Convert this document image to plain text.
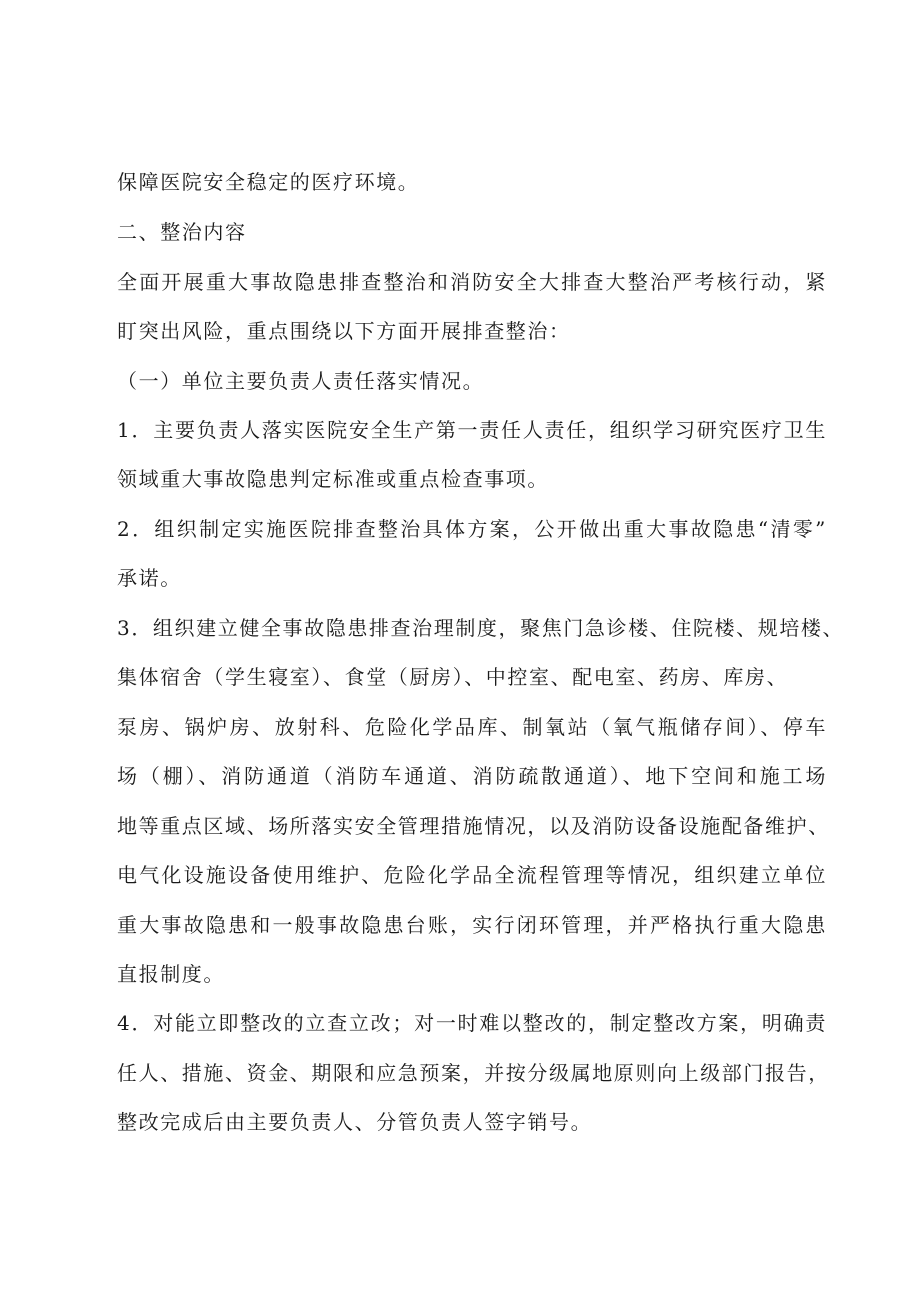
保障医院安全稳定的医疗环境。
二、整治内容
全面开展重大事故隐患排查整治和消防安全大排查大整治严考核行动，紧
盯突出风险，重点围绕以下方面开展排查整治：
（一）单位主要负责人责任落实情况。
1．主要负责人落实医院安全生产第一责任人责任，组织学习研究医疗卫生
领域重大事故隐患判定标准或重点检查事项。
2．组织制定实施医院排查整治具体方案，公开做出重大事故隐患“清零”
承诺。
3．组织建立健全事故隐患排查治理制度，聚焦门急诊楼、住院楼、规培楼、
集体宿舍（学生寝室）、食堂（厨房）、中控室、配电室、药房、库房、
泵房、锅炉房、放射科、危险化学品库、制氧站（氧气瓶储存间）、停车
场（棚）、消防通道（消防车通道、消防疏散通道）、地下空间和施工场
地等重点区域、场所落实安全管理措施情况，以及消防设备设施配备维护、
电气化设施设备使用维护、危险化学品全流程管理等情况，组织建立单位
重大事故隐患和一般事故隐患台账，实行闭环管理，并严格执行重大隐患
直报制度。
4．对能立即整改的立查立改；对一时难以整改的，制定整改方案，明确责
任人、措施、资金、期限和应急预案，并按分级属地原则向上级部门报告，
整改完成后由主要负责人、分管负责人签字销号。
